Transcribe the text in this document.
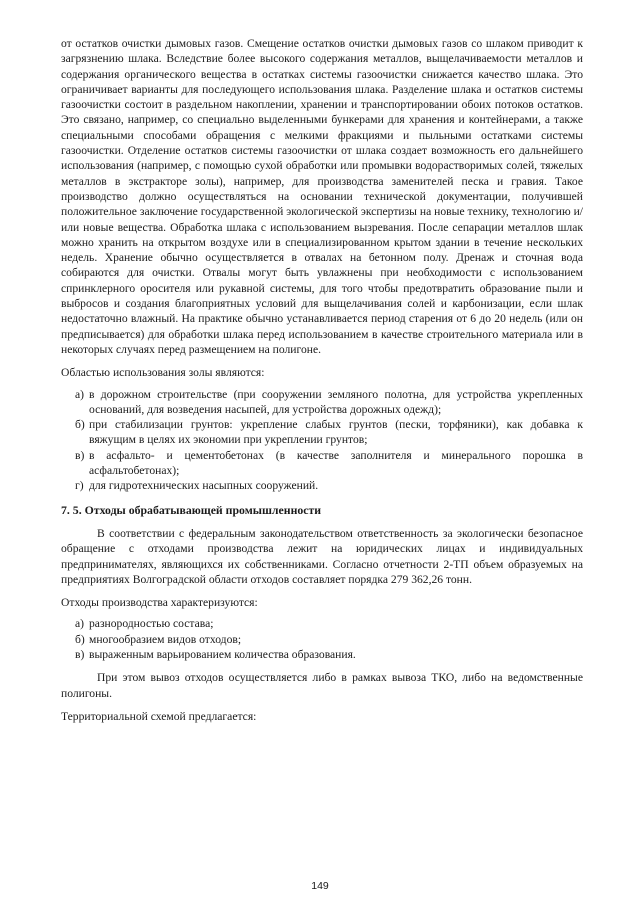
от остатков очистки дымовых газов. Смещение остатков очистки дымовых газов со шлаком приводит к загрязнению шлака. Вследствие более высокого содержания металлов, выщелачиваемости металлов и содержания органического вещества в остатках системы газоочистки снижается качество шлака. Это ограничивает варианты для последующего использования шлака. Разделение шлака и остатков системы газоочистки состоит в раздельном накоплении, хранении и транспортировании обоих потоков остатков. Это связано, например, со специально выделенными бункерами для хранения и контейнерами, а также специальными способами обращения с мелкими фракциями и пыльными остатками системы газоочистки. Отделение остатков системы газоочистки от шлака создает возможность его дальнейшего использования (например, с помощью сухой обработки или промывки водорастворимых солей, тяжелых металлов в экстракторе золы), например, для производства заменителей песка и гравия. Такое производство должно осуществляться на основании технической документации, получившей положительное заключение государственной экологической экспертизы на новые технику, технологию и/или новые вещества. Обработка шлака с использованием вызревания. После сепарации металлов шлак можно хранить на открытом воздухе или в специализированном крытом здании в течение нескольких недель. Хранение обычно осуществляется в отвалах на бетонном полу. Дренаж и сточная вода собираются для очистки. Отвалы могут быть увлажнены при необходимости с использованием спринклерного оросителя или рукавной системы, для того чтобы предотвратить образование пыли и выбросов и создания благоприятных условий для выщелачивания солей и карбонизации, если шлак недостаточно влажный. На практике обычно устанавливается период старения от 6 до 20 недель (или он предписывается) для обработки шлака перед использованием в качестве строительного материала или в некоторых случаях перед размещением на полигоне.

Областью использования золы являются:

а) в дорожном строительстве (при сооружении земляного полотна, для устройства укрепленных оснований, для возведения насыпей, для устройства дорожных одежд);
б) при стабилизации грунтов: укрепление слабых грунтов (пески, торфяники), как добавка к вяжущим в целях их экономии при укреплении грунтов;
в) в асфальто- и цементобетонах (в качестве заполнителя и минерального порошка в асфальтобетонах);
г) для гидротехнических насыпных сооружений.
7. 5. Отходы обрабатывающей промышленности

В соответствии с федеральным законодательством ответственность за экологически безопасное обращение с отходами производства лежит на юридических лицах и индивидуальных предпринимателях, являющихся их собственниками. Согласно отчетности 2-ТП объем образуемых на предприятиях Волгоградской области отходов составляет порядка 279 362,26 тонн.

Отходы производства характеризуются:

а) разнородностью состава;
б) многообразием видов отходов;
в) выраженным варьированием количества образования.

При этом вывоз отходов осуществляется либо в рамках вывоза ТКО, либо на ведомственные полигоны.

Территориальной схемой предлагается:

149
